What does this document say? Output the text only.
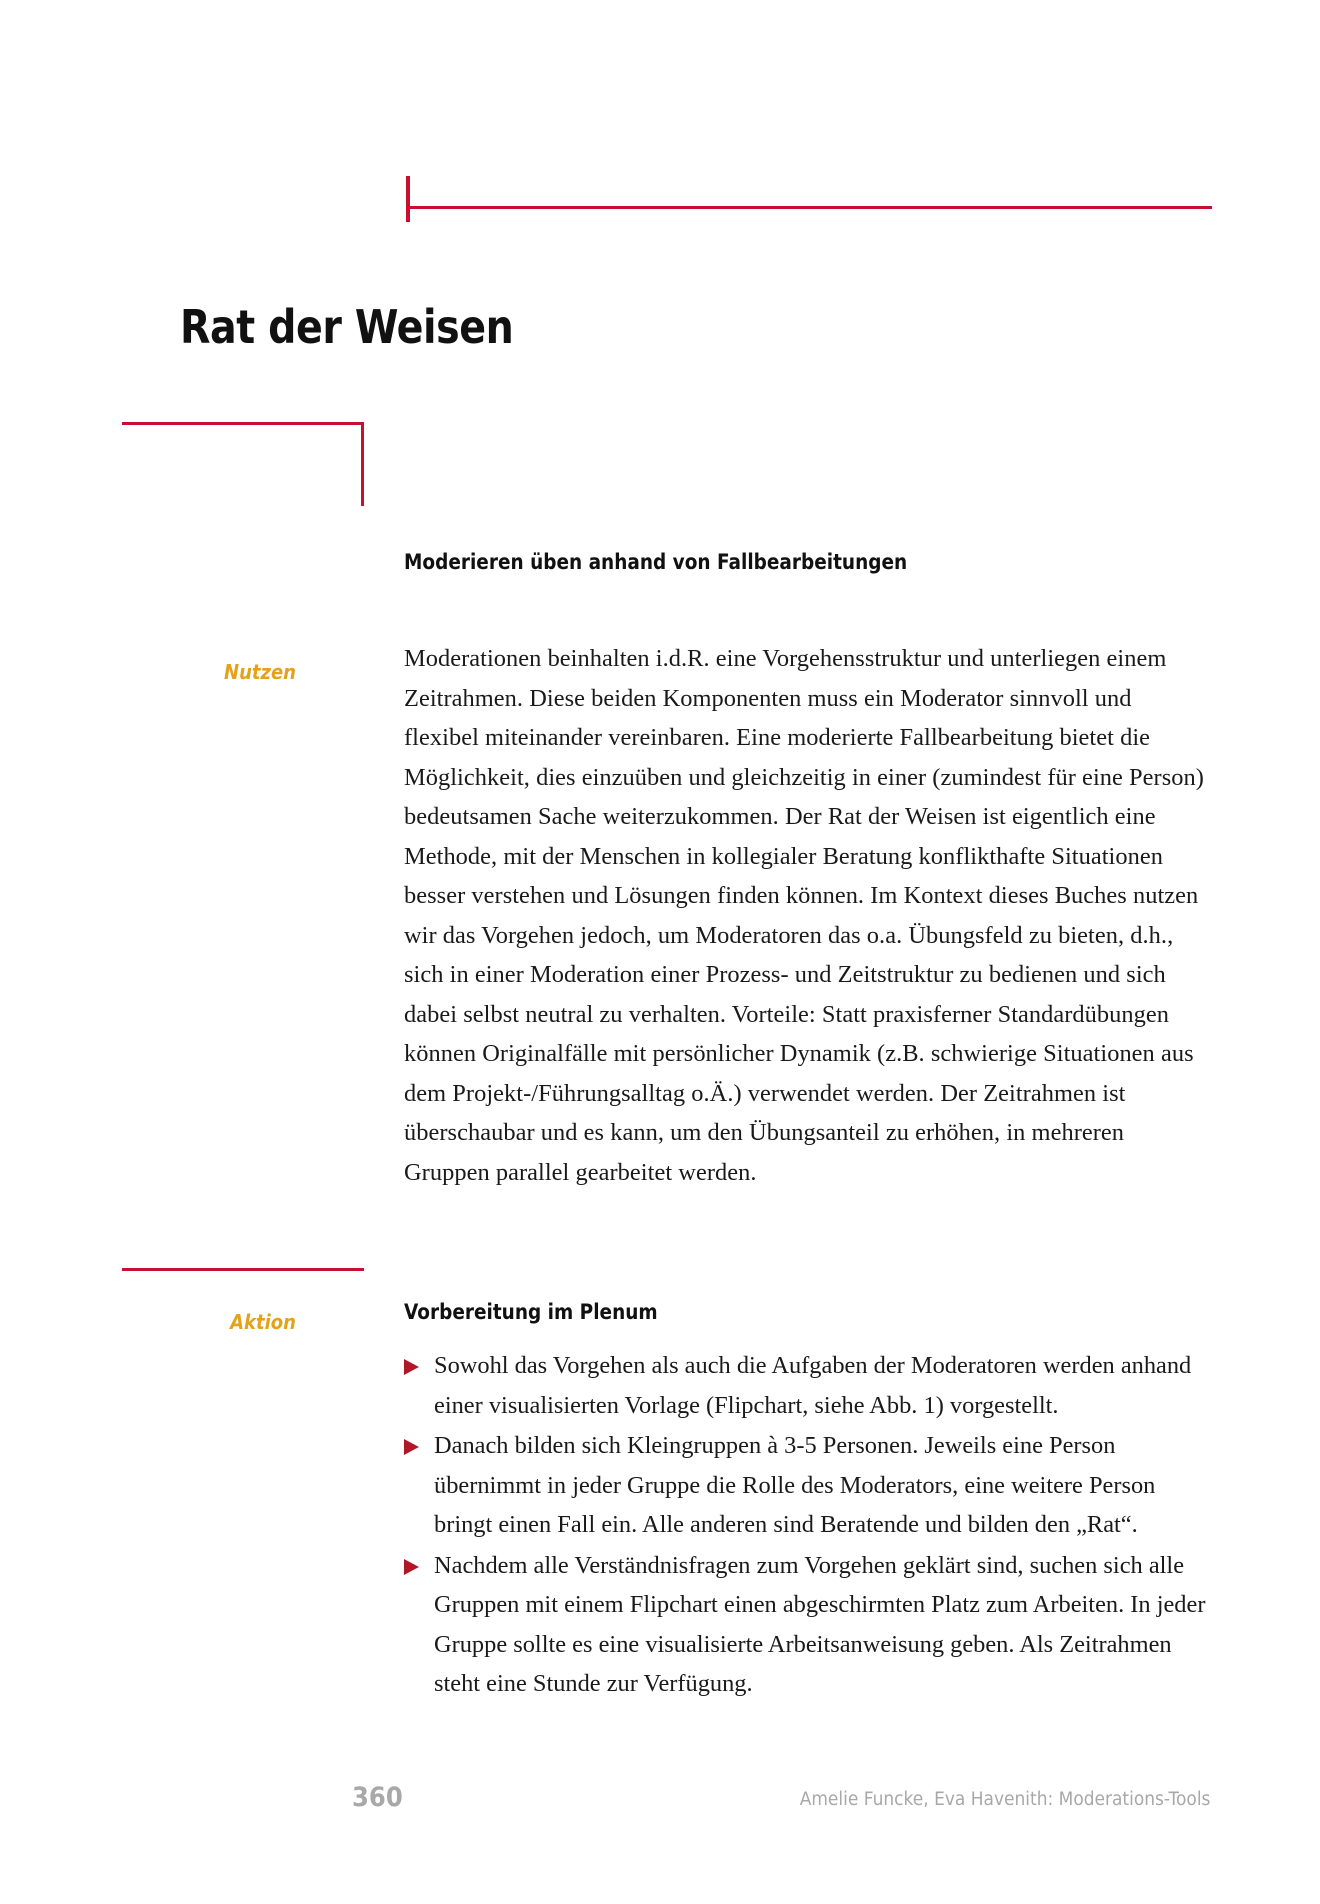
Rat der Weisen
Nutzen
Moderieren üben anhand von Fallbearbeitungen

Moderationen beinhalten i.d.R. eine Vorgehensstruktur und unterliegen einem Zeitrahmen. Diese beiden Komponenten muss ein Moderator sinnvoll und flexibel miteinander vereinbaren. Eine moderierte Fallbearbeitung bietet die Möglichkeit, dies einzuüben und gleichzeitig in einer (zumindest für eine Person) bedeutsamen Sache weiterzukommen. Der Rat der Weisen ist eigentlich eine Methode, mit der Menschen in kollegialer Beratung konflikthafte Situationen besser verstehen und Lösungen finden können. Im Kontext dieses Buches nutzen wir das Vorgehen jedoch, um Moderatoren das o.a. Übungsfeld zu bieten, d.h., sich in einer Moderation einer Prozess- und Zeitstruktur zu bedienen und sich dabei selbst neutral zu verhalten. Vorteile: Statt praxisferner Standardübungen können Originalfälle mit persönlicher Dynamik (z.B. schwierige Situationen aus dem Projekt-/Führungsalltag o.Ä.) verwendet werden. Der Zeitrahmen ist überschaubar und es kann, um den Übungsanteil zu erhöhen, in mehreren Gruppen parallel gearbeitet werden.

Aktion	Vorbereitung im Plenum
Sowohl das Vorgehen als auch die Aufgaben der Moderatoren werden anhand einer visualisierten Vorlage (Flipchart, siehe Abb. 1) vorgestellt.
Danach bilden sich Kleingruppen à 3-5 Personen. Jeweils eine Person übernimmt in jeder Gruppe die Rolle des Moderators, eine weitere Person bringt einen Fall ein. Alle anderen sind Beratende und bilden den „Rat“.
Nachdem alle Verständnisfragen zum Vorgehen geklärt sind, suchen sich alle Gruppen mit einem Flipchart einen abgeschirmten Platz zum Arbeiten. In jeder Gruppe sollte es eine visualisierte Arbeitsanweisung geben. Als Zeitrahmen steht eine Stunde zur Verfügung.
360	Amelie Funcke, Eva Havenith: Moderations-Tools
